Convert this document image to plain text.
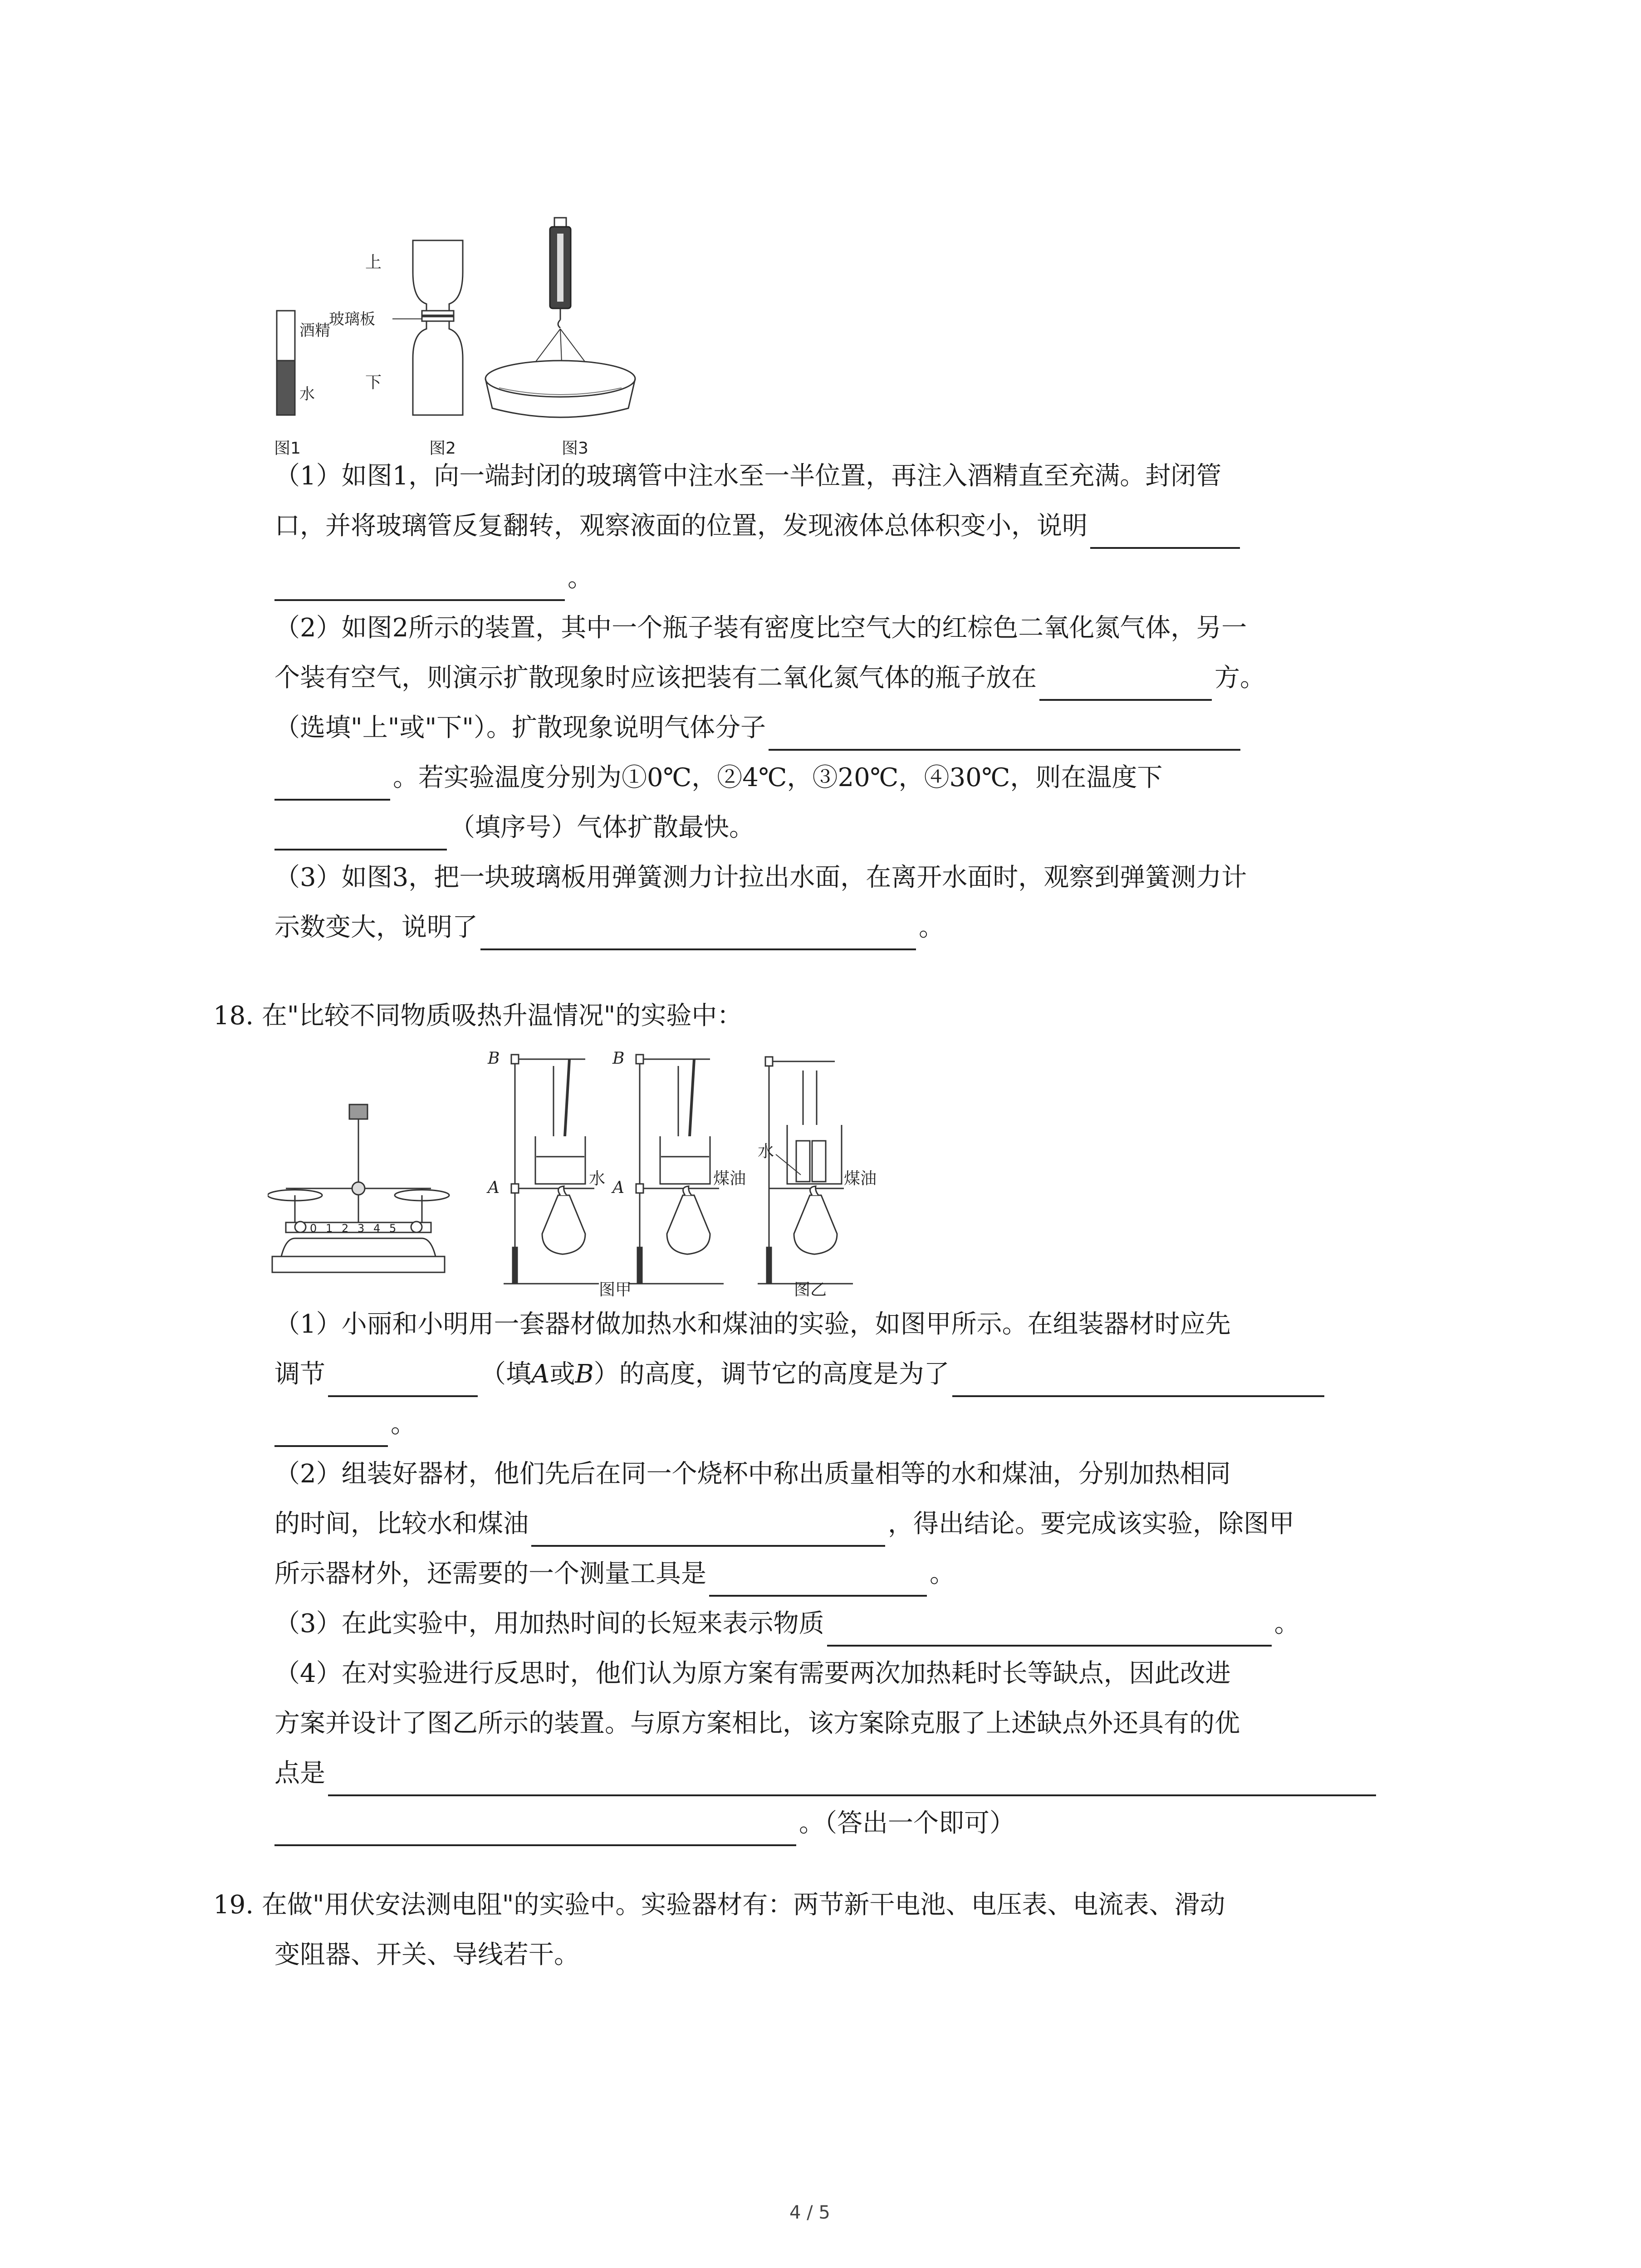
酒精
水
上
玻璃板
下
图1	图2	图3
（1）如图1，向一端封闭的玻璃管中注水至一半位置，再注入酒精直至充满。封闭管
口，并将玻璃管反复翻转，观察液面的位置，发现液体总体积变小，说明
。
（2）如图2所示的装置，其中一个瓶子装有密度比空气大的红棕色二氧化氮气体，另一
个装有空气，则演示扩散现象时应该把装有二氧化氮气体的瓶子放在	方。
（选填"上"或"下"）。扩散现象说明气体分子
。若实验温度分别为①0℃，②4℃，③20℃，④30℃，则在温度下
（填序号）气体扩散最快。
（3）如图3，把一块玻璃板用弹簧测力计拉出水面，在离开水面时，观察到弹簧测力计
示数变大，说明了	。
18. 在"比较不同物质吸热升温情况"的实验中：
0 1 2 3 4 5
B
A	水
B
A	煤油
水
煤油
图甲	图乙
（1）小丽和小明用一套器材做加热水和煤油的实验，如图甲所示。在组装器材时应先
调节	（填A或B）的高度，调节它的高度是为了
。
（2）组装好器材，他们先后在同一个烧杯中称出质量相等的水和煤油，分别加热相同
的时间，比较水和煤油	，得出结论。要完成该实验，除图甲
所示器材外，还需要的一个测量工具是	。
（3）在此实验中，用加热时间的长短来表示物质	。
（4）在对实验进行反思时，他们认为原方案有需要两次加热耗时长等缺点，因此改进
方案并设计了图乙所示的装置。与原方案相比，该方案除克服了上述缺点外还具有的优
点是
。（答出一个即可）
19. 在做"用伏安法测电阻"的实验中。实验器材有：两节新干电池、电压表、电流表、滑动
变阻器、开关、导线若干。
4 / 5
